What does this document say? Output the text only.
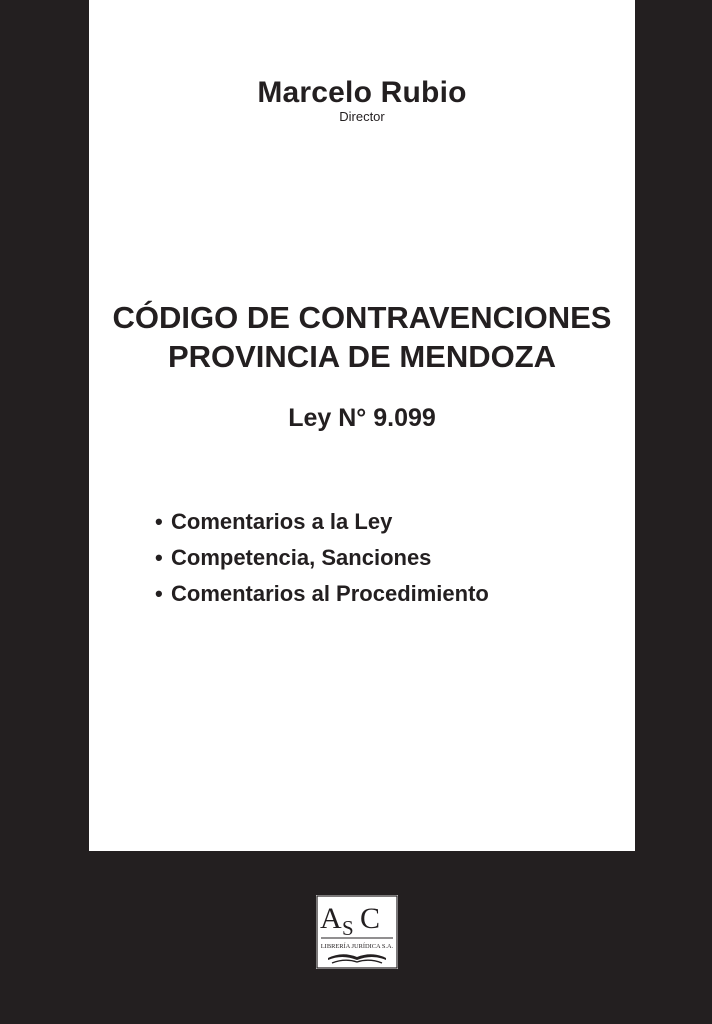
Marcelo Rubio
Director
CÓDIGO DE CONTRAVENCIONES
PROVINCIA DE MENDOZA
Ley N° 9.099
• Comentarios a la Ley
• Competencia, Sanciones
• Comentarios al Procedimiento
A S C
LIBRERÍA JURÍDICA S.A.
